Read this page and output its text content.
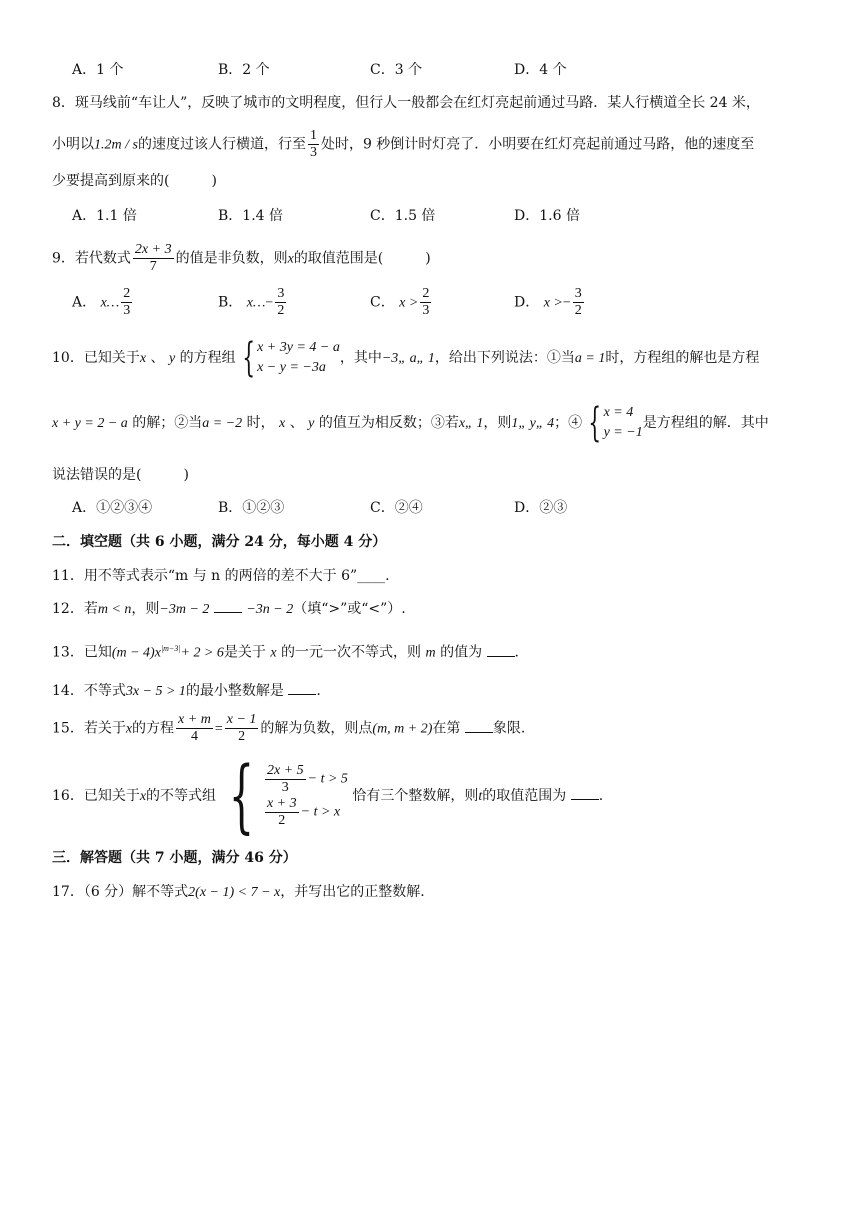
A．1 个	B．2 个	C．3 个	D．4 个
8．斑马线前“车让人”，反映了城市的文明程度，但行人一般都会在红灯亮起前通过马路．某人行横道全长 24 米，
小明以1.2m / s的速度过该人行横道，行至 $\frac{1}{3}$ 处时，9 秒倒计时灯亮了．小明要在红灯亮起前通过马路，他的速度至
少要提高到原来的(　　　)
A．1.1 倍	B．1.4 倍	C．1.5 倍	D．1.6 倍
9．若代数式 $\frac{2x + 3}{7}$ 的值是非负数，则x的取值范围是(　　　)
A． x… $\frac{2}{3}$	B． x…− $\frac{3}{2}$	C． $x > \frac{2}{3}$	D． $x >- \frac{3}{2}$
10．已知关于x 、 y 的方程组 { x + 3y = 4 − a
x − y = −3a
，其中−3„ a„ 1，给出下列说法：①当a = 1时，方程组的解也是方程
x + y = 2 − a 的解；②当a = −2 时， x 、 y 的值互为相反数；③若x„ 1，则1„ y„ 4；④ { x = 4
y = −1
是方程组的解．其中
说法错误的是(　　　)
A．①②③④	B．①②③	C．②④	D．②③
二．填空题（共 6 小题，满分 24 分，每小题 4 分）
11．用不等式表示“m 与 n 的两倍的差不大于 6”____.
12．若m < n，则−3m − 2	−3n − 2（填“>”或“<”）.
13．已知$(m - 4)x^{|m-3|}+ 2 > 6$是关于 x 的一元一次不等式，则 m 的值为 .
14．不等式3x − 5 > 1的最小整数解是 .
15．若关于x的方程 $\frac{x + m}{4} = \frac{x - 1}{2}$ 的解为负数，则点(m, m + 2)在第 象限.
16．已知关于x的不等式组 { $\frac{2x + 5}{3} - t > 5$
$\frac{x + 3}{2} - t > x$
恰有三个整数解，则t的取值范围为 .
三．解答题（共 7 小题，满分 46 分）
17．（6 分）解不等式2(x − 1) < 7 − x，并写出它的正整数解.
